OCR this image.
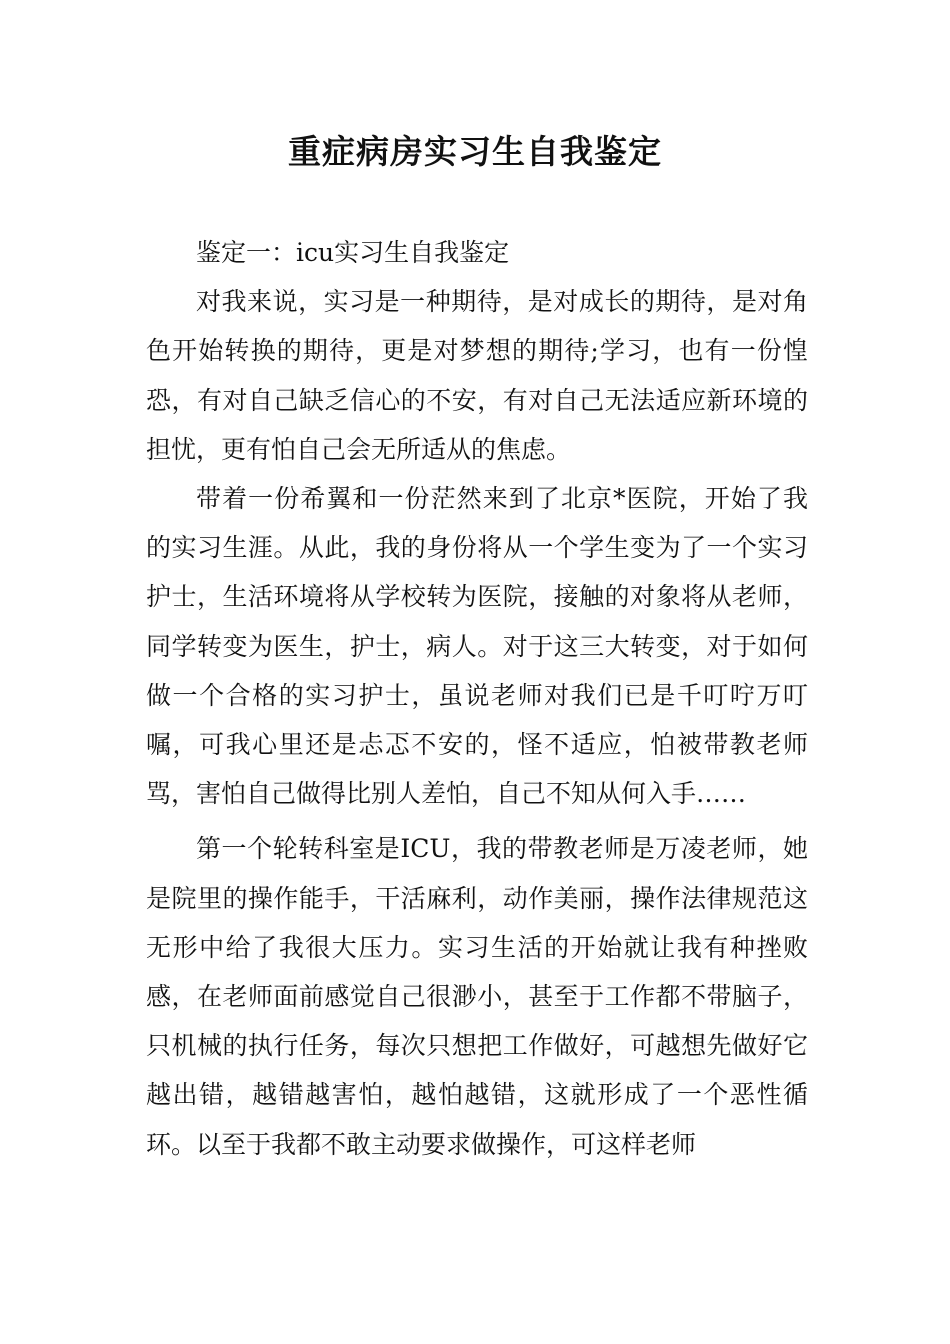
重症病房实习生自我鉴定

鉴定一：icu实习生自我鉴定

对我来说，实习是一种期待，是对成长的期待，是对角色开始转换的期待，更是对梦想的期待;学习，也有一份惶恐，有对自己缺乏信心的不安，有对自己无法适应新环境的担忧，更有怕自己会无所适从的焦虑。

带着一份希翼和一份茫然来到了北京*医院，开始了我的实习生涯。从此，我的身份将从一个学生变为了一个实习护士，生活环境将从学校转为医院，接触的对象将从老师，同学转变为医生，护士，病人。对于这三大转变，对于如何做一个合格的实习护士，虽说老师对我们已是千叮咛万叮嘱，可我心里还是忐忑不安的，怪不适应，怕被带教老师骂，害怕自己做得比别人差怕，自己不知从何入手……

第一个轮转科室是ICU，我的带教老师是万凌老师，她是院里的操作能手，干活麻利，动作美丽，操作法律规范这无形中给了我很大压力。实习生活的开始就让我有种挫败感，在老师面前感觉自己很渺小，甚至于工作都不带脑子，只机械的执行任务，每次只想把工作做好，可越想先做好它越出错，越错越害怕，越怕越错，这就形成了一个恶性循环。以至于我都不敢主动要求做操作，可这样老师
